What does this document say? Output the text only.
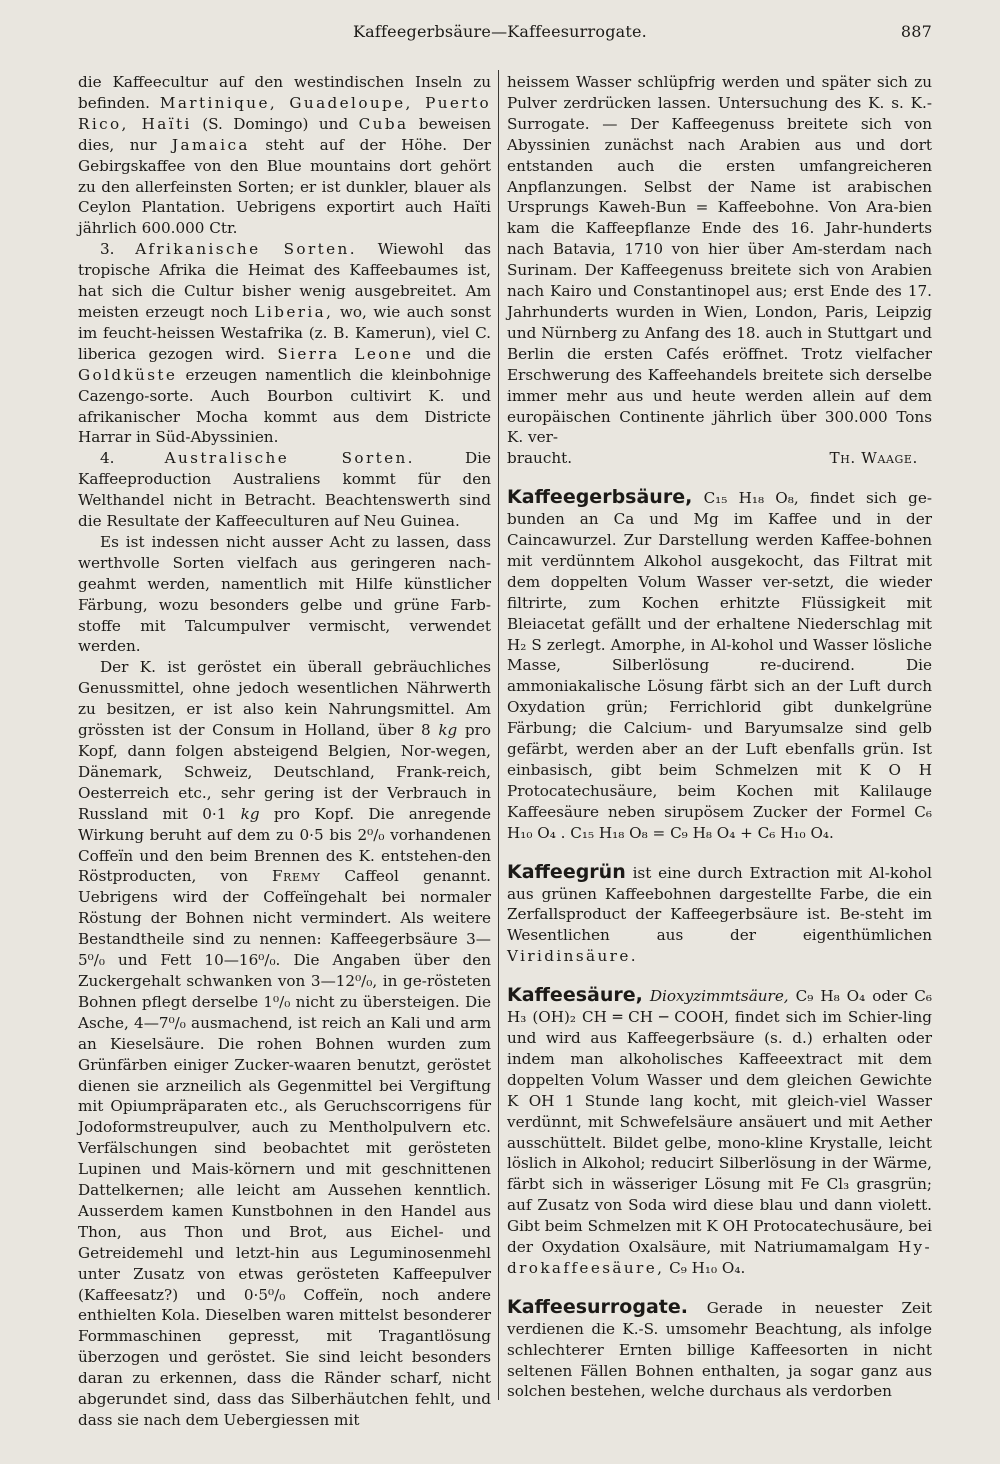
Kaffeegerbsäure—Kaffeesurrogate.	887

die Kaffeecultur auf den westindischen Inseln zu befinden. Martinique, Guadeloupe, Puerto Rico, Haïti (S. Domingo) und Cuba beweisen dies, nur Jamaica steht auf der Höhe. Der Gebirgskaffee von den Blue mountains dort gehört zu den allerfeinsten Sorten; er ist dunkler, blauer als Ceylon Plantation. Uebrigens exportirt auch Haïti jährlich 600.000 Ctr.

3. Afrikanische Sorten. Wiewohl das tropische Afrika die Heimat des Kaffeebaumes ist, hat sich die Cultur bisher wenig ausgebreitet. Am meisten erzeugt noch Liberia, wo, wie auch sonst im feucht-heissen Westafrika (z. B. Kamerun), viel C. liberica gezogen wird. Sierra Leone und die Goldküste erzeugen namentlich die kleinbohnige Cazengo-sorte. Auch Bourbon cultivirt K. und afrikanischer Mocha kommt aus dem Districte Harrar in Süd-Abyssinien.

4.	Australische Sorten.	Die Kaffeeproduction Australiens kommt für den Welthandel nicht in Betracht. Beachtenswerth sind die Resultate der Kaffeeculturen auf Neu Guinea.

Es ist indessen nicht ausser Acht zu lassen, dass werthvolle Sorten vielfach aus geringeren nach-geahmt werden, namentlich mit Hilfe künstlicher Färbung, wozu besonders gelbe und grüne Farb-stoffe mit Talcumpulver vermischt, verwendet werden.

Der K. ist geröstet ein überall gebräuchliches Genussmittel, ohne jedoch wesentlichen Nährwerth zu besitzen, er ist also kein Nahrungsmittel. Am grössten ist der Consum in Holland, über 8 kg pro Kopf, dann folgen absteigend Belgien, Nor-wegen, Dänemark, Schweiz, Deutschland, Frank-reich, Oesterreich etc., sehr gering ist der Verbrauch in Russland mit 0·1 kg pro Kopf. Die anregende Wirkung beruht auf dem zu 0·5 bis 2⁰/₀ vorhandenen Coffeïn und den beim Brennen des K. entstehen-den Röstproducten, von Fremy Caffeol genannt. Uebrigens wird der Coffeïngehalt bei normaler Röstung der Bohnen nicht vermindert. Als weitere Bestandtheile sind zu nennen: Kaffeegerbsäure 3—5⁰/₀ und Fett 10—16⁰/₀. Die Angaben über den Zuckergehalt schwanken von 3—12⁰/₀, in ge-rösteten Bohnen pflegt derselbe 1⁰/₀ nicht zu übersteigen. Die Asche, 4—7⁰/₀ ausmachend, ist reich an Kali und arm an Kieselsäure. Die rohen Bohnen wurden zum Grünfärben einiger Zucker-waaren benutzt, geröstet dienen sie arzneilich als Gegenmittel bei Vergiftung mit Opiumpräparaten etc., als Geruchscorrigens für Jodoformstreupulver, auch zu Mentholpulvern etc. Verfälschungen sind beobachtet mit gerösteten Lupinen und Mais-körnern und mit geschnittenen Dattelkernen; alle leicht am Aussehen kenntlich. Ausserdem kamen Kunstbohnen in den Handel aus Thon, aus Thon und Brot, aus Eichel- und Getreidemehl und letzt-hin aus Leguminosenmehl unter Zusatz von etwas gerösteten Kaffeepulver (Kaffeesatz?) und 0·5⁰/₀ Coffeïn, noch andere enthielten Kola. Dieselben waren mittelst besonderer Formmaschinen gepresst, mit Tragantlösung überzogen und geröstet. Sie sind leicht besonders daran zu erkennen, dass die Ränder scharf, nicht abgerundet sind, dass das Silberhäutchen fehlt, und dass sie nach dem Uebergiessen mit

heissem Wasser schlüpfrig werden und später sich zu Pulver zerdrücken lassen. Untersuchung des K. s. K.-Surrogate. — Der Kaffeegenuss breitete sich von Abyssinien zunächst nach Arabien aus und dort entstanden auch die ersten umfangreicheren Anpflanzungen. Selbst der Name ist arabischen Ursprungs Kaweh-Bun = Kaffeebohne. Von Ara-bien kam die Kaffeepflanze Ende des 16. Jahr-hunderts nach Batavia, 1710 von hier über Am-sterdam nach Surinam. Der Kaffeegenuss breitete sich von Arabien nach Kairo und Constantinopel aus; erst Ende des 17. Jahrhunderts wurden in Wien, London, Paris, Leipzig und Nürnberg zu Anfang des 18. auch in Stuttgart und Berlin die ersten Cafés eröffnet. Trotz vielfacher Erschwerung des Kaffeehandels breitete sich derselbe immer mehr aus und heute werden allein auf dem europäischen Continente jährlich über 300.000 Tons K. ver-

braucht.	Th. Waage.

Kaffeegerbsäure, C₁₅ H₁₈ O₈, findet sich ge-bunden an Ca und Mg im Kaffee und in der Caincawurzel. Zur Darstellung werden Kaffee-bohnen mit verdünntem Alkohol ausgekocht, das Filtrat mit dem doppelten Volum Wasser ver-setzt, die wieder filtrirte, zum Kochen erhitzte Flüssigkeit mit Bleiacetat gefällt und der erhaltene Niederschlag mit H₂ S zerlegt. Amorphe, in Al-kohol und Wasser lösliche Masse, Silberlösung re-ducirend. Die ammoniakalische Lösung färbt sich an der Luft durch Oxydation grün; Ferrichlorid gibt dunkelgrüne Färbung; die Calcium- und Baryumsalze sind gelb gefärbt, werden aber an der Luft ebenfalls grün. Ist einbasisch, gibt beim Schmelzen mit K O H Protocatechusäure, beim Kochen mit Kalilauge Kaffeesäure neben sirupösem Zucker der Formel C₆ H₁₀ O₄ . C₁₅ H₁₈ O₈ = C₉ H₈ O₄ + C₆ H₁₀ O₄.

Kaffeegrün ist eine durch Extraction mit Al-kohol aus grünen Kaffeebohnen dargestellte Farbe, die ein Zerfallsproduct der Kaffeegerbsäure ist. Be-steht im Wesentlichen aus der eigenthümlichen Viridinsäure.

Kaffeesäure, Dioxyzimmtsäure, C₉ H₈ O₄ oder C₆ H₃ (OH)₂ CH ═ CH ─ COOH, findet sich im Schier-ling und wird aus Kaffeegerbsäure (s. d.) erhalten oder indem man alkoholisches Kaffeeextract mit dem doppelten Volum Wasser und dem gleichen Gewichte K OH 1 Stunde lang kocht, mit gleich-viel Wasser verdünnt, mit Schwefelsäure ansäuert und mit Aether ausschüttelt. Bildet gelbe, mono-kline Krystalle, leicht löslich in Alkohol; reducirt Silberlösung in der Wärme, färbt sich in wässeriger Lösung mit Fe Cl₃ grasgrün; auf Zusatz von Soda wird diese blau und dann violett. Gibt beim Schmelzen mit K OH Protocatechusäure, bei der Oxydation Oxalsäure, mit Natriumamalgam Hy-drokaffeesäure, C₉ H₁₀ O₄.

Kaffeesurrogate. Gerade in neuester Zeit verdienen die K.-S. umsomehr Beachtung, als infolge schlechterer Ernten billige Kaffeesorten in nicht seltenen Fällen Bohnen enthalten, ja sogar ganz aus solchen bestehen, welche durchaus als verdorben
